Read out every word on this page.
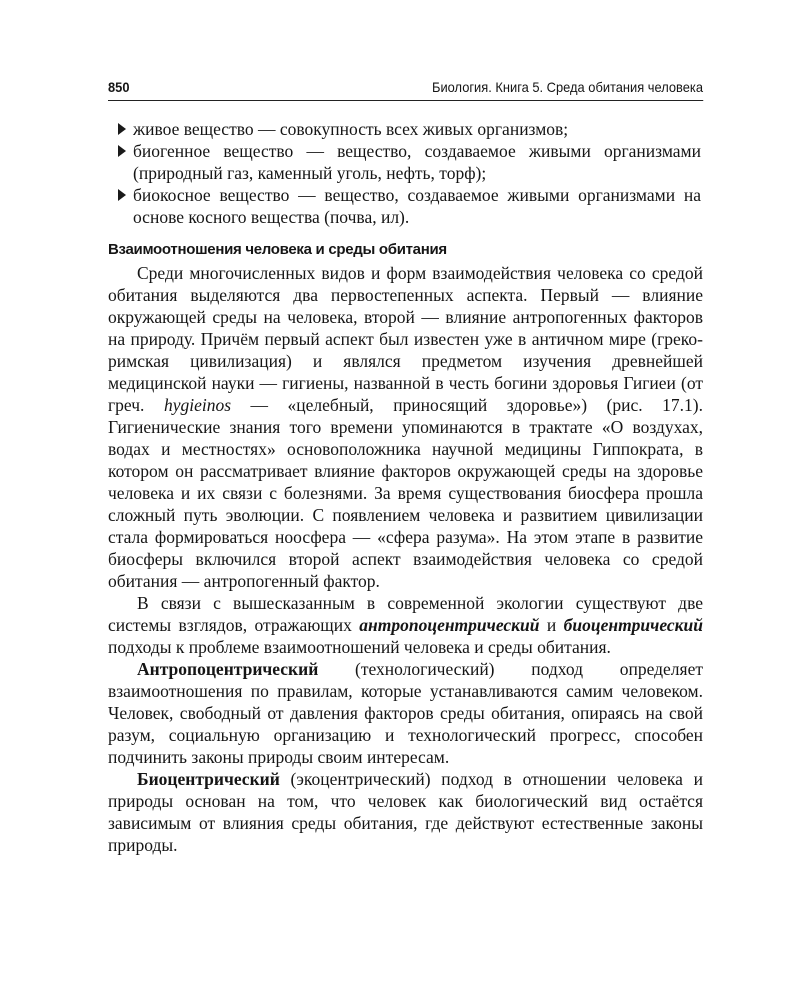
850	Биология. Книга 5. Среда обитания человека
живое вещество — совокупность всех живых организмов;
биогенное вещество — вещество, создаваемое живыми организмами (природный газ, каменный уголь, нефть, торф);
биокосное вещество — вещество, создаваемое живыми организмами на основе косного вещества (почва, ил).
Взаимоотношения человека и среды обитания

Среди многочисленных видов и форм взаимодействия человека со средой обитания выделяются два первостепенных аспекта. Первый — влияние окружающей среды на человека, второй — влияние антропогенных факторов на природу. Причём первый аспект был известен уже в античном мире (греко-римская цивилизация) и являлся предметом изучения древнейшей медицинской науки — гигиены, названной в честь богини здоровья Гигиеи (от греч. hygieinos — «целебный, приносящий здоровье») (рис. 17.1). Гигиенические знания того времени упоминаются в трактате «О воздухах, водах и местностях» основоположника научной медицины Гиппократа, в котором он рассматривает влияние факторов окружающей среды на здоровье человека и их связи с болезнями. За время существования биосфера прошла сложный путь эволюции. С появлением человека и развитием цивилизации стала формироваться ноосфера — «сфера разума». На этом этапе в развитие биосферы включился второй аспект взаимодействия человека со средой обитания — антропогенный фактор.

В связи с вышесказанным в современной экологии существуют две системы взглядов, отражающих антропоцентрический и биоцентрический подходы к проблеме взаимоотношений человека и среды обитания.

Антропоцентрический (технологический) подход определяет взаимоотношения по правилам, которые устанавливаются самим человеком. Человек, свободный от давления факторов среды обитания, опираясь на свой разум, социальную организацию и технологический прогресс, способен подчинить законы природы своим интересам.

Биоцентрический (экоцентрический) подход в отношении человека и природы основан на том, что человек как биологический вид остаётся зависимым от влияния среды обитания, где действуют естественные законы природы.
